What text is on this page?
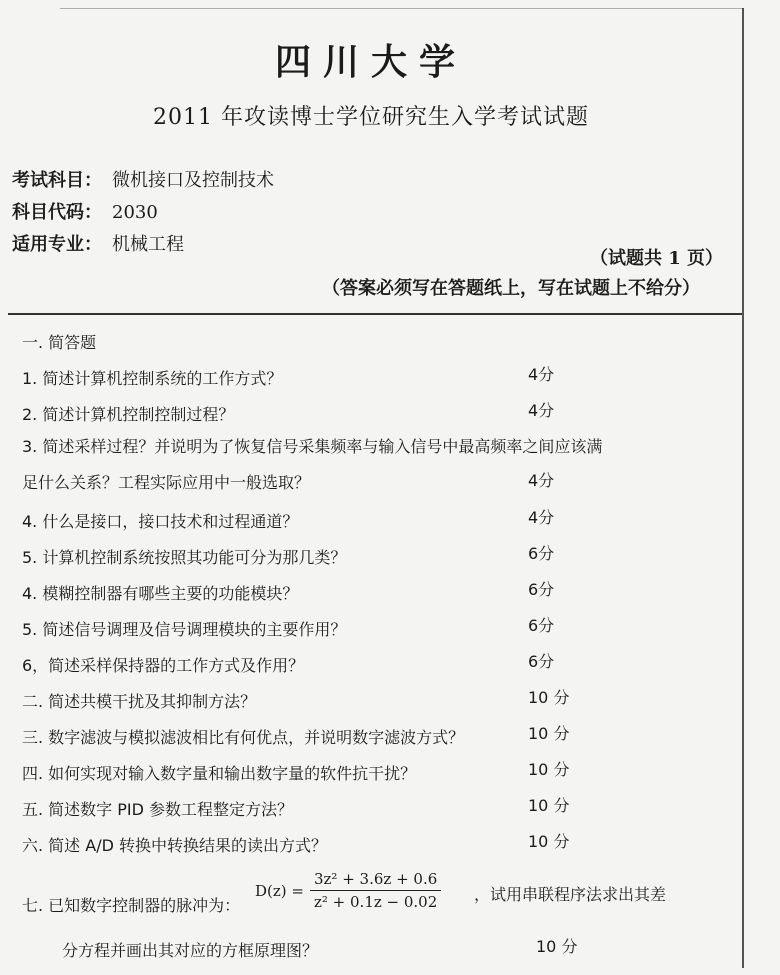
四川大学
2011 年攻读博士学位研究生入学考试试题
考试科目： 微机接口及控制技术
科目代码： 2030
适用专业： 机械工程
（试题共 1 页）
（答案必须写在答题纸上，写在试题上不给分）
一. 简答题
1. 简述计算机控制系统的工作方式？	4分
2. 简述计算机控制控制过程？	4分
3. 简述采样过程？并说明为了恢复信号采集频率与输入信号中最高频率之间应该满
足什么关系？工程实际应用中一般选取？	4分
4. 什么是接口，接口技术和过程通道？	4分
5. 计算机控制系统按照其功能可分为那几类？	6分
4. 模糊控制器有哪些主要的功能模块？	6分
5. 简述信号调理及信号调理模块的主要作用？	6分
6，简述采样保持器的工作方式及作用？	6分
二. 简述共模干扰及其抑制方法？	10 分
三. 数字滤波与模拟滤波相比有何优点，并说明数字滤波方式？	10 分
四. 如何实现对输入数字量和输出数字量的软件抗干扰？	10 分
五. 简述数字 PID 参数工程整定方法？	10 分
六. 简述 A/D 转换中转换结果的读出方式？	10 分
七. 已知数字控制器的脉冲为：
$D(z) = \frac{\text{3z² + 3.6z + 0.6}}{\text{z² + 0.1z − 0.02}}$ ，试用串联程序法求出其差
分方程并画出其对应的方框原理图？	10 分
